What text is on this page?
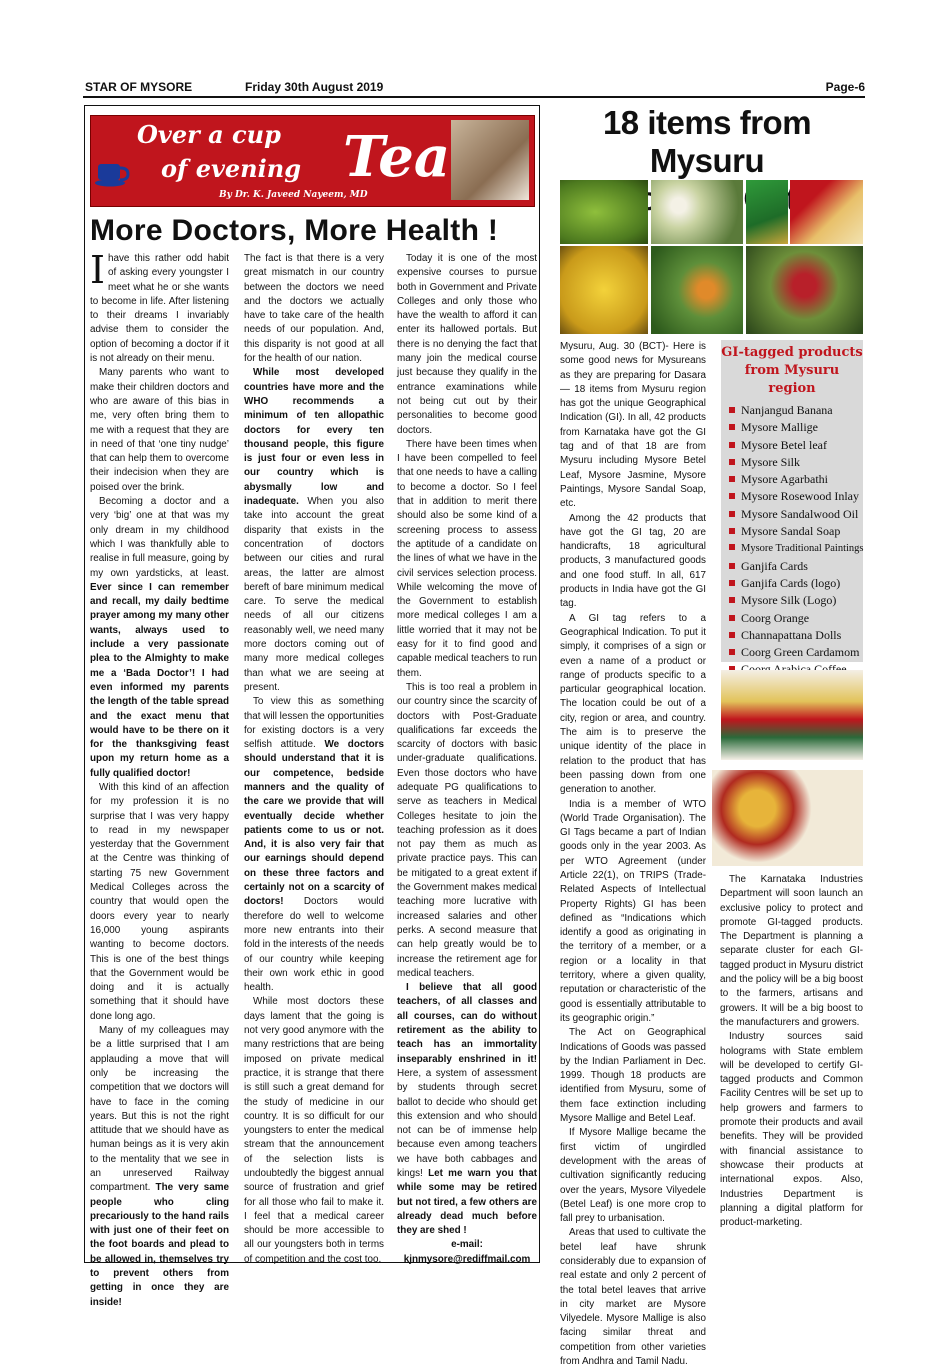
STAR OF MYSORE	Friday 30th August 2019	Page-6
Over a cup
of evening Tea
By Dr. K. Javeed Nayeem, MD
More Doctors, More Health !

Ihave this rather odd habit of asking every youngster I meet what he or she wants to become in life. After listening to their dreams I invariably advise them to consider the option of becoming a doctor if it is not already on their menu.

Many parents who want to make their children doctors and who are aware of this bias in me, very often bring them to me with a request that they are in need of that ‘one tiny nudge’ that can help them to overcome their indecision when they are poised over the brink.

Becoming a doctor and a very ‘big’ one at that was my only dream in my childhood which I was thankfully able to realise in full measure, going by my own yardsticks, at least. Ever since I can remember and recall, my daily bedtime prayer among my many other wants, always used to include a very passionate plea to the Almighty to make me a ‘Bada Doctor’! I had even informed my parents the length of the table spread and the exact menu that would have to be there on it for the thanksgiving feast upon my return home as a fully qualified doctor!

With this kind of an affection for my profession it is no surprise that I was very happy to read in my newspaper yesterday that the Government at the Centre was thinking of starting 75 new Government Medical Colleges across the country that would open the doors every year to nearly 16,000 young aspirants wanting to become doctors. This is one of the best things that the Government would be doing and it is actually something that it should have done long ago.

Many of my colleagues may be a little surprised that I am applauding a move that will only be increasing the competition that we doctors will have to face in the coming years. But this is not the right attitude that we should have as human beings as it is very akin to the mentality that we see in an unreserved Railway compartment. The very same people who cling precariously to the hand rails with just one of their feet on the foot boards and plead to be allowed in, themselves try to prevent others from getting in once they are inside!

The fact is that there is a very great mismatch in our country between the doctors we need and the doctors we actually have to take care of the health needs of our population. And, this disparity is not good at all for the health of our nation.

While most developed countries have more and the WHO recommends a minimum of ten allopathic doctors for every ten thousand people, this figure is just four or even less in our country which is abysmally low and inadequate. When you also take into account the great disparity that exists in the concentration of doctors between our cities and rural areas, the latter are almost bereft of bare minimum medical care. To serve the medical needs of all our citizens reasonably well, we need many more doctors coming out of many more medical colleges than what we are seeing at present.

To view this as something that will lessen the opportunities for existing doctors is a very selfish attitude. We doctors should understand that it is our competence, bedside manners and the quality of the care we provide that will eventually decide whether patients come to us or not. And, it is also very fair that our earnings should depend on these three factors and certainly not on a scarcity of doctors! Doctors would therefore do well to welcome more new entrants into their fold in the interests of the needs of our country while keeping their own work ethic in good health.

While most doctors these days lament that the going is not very good anymore with the many restrictions that are being imposed on private medical practice, it is strange that there is still such a great demand for the study of medicine in our country. It is so difficult for our youngsters to enter the medical stream that the announcement of the selection lists is undoubtedly the biggest annual source of frustration and grief for all those who fail to make it. I feel that a medical career should be more accessible to all our youngsters both in terms of competition and the cost too.

Today it is one of the most expensive courses to pursue both in Government and Private Colleges and only those who have the wealth to afford it can enter its hallowed portals. But there is no denying the fact that many join the medical course just because they qualify in the entrance examinations while not being cut out by their personalities to become good doctors.

There have been times when I have been compelled to feel that one needs to have a calling to become a doctor. So I feel that in addition to merit there should also be some kind of a screening process to assess the aptitude of a candidate on the lines of what we have in the civil services selection process. While welcoming the move of the Government to establish more medical colleges I am a little worried that it may not be easy for it to find good and capable medical teachers to run them.

This is too real a problem in our country since the scarcity of doctors with Post-Graduate qualifications far exceeds the scarcity of doctors with basic under-graduate qualifications. Even those doctors who have adequate PG qualifications to serve as teachers in Medical Colleges hesitate to join the teaching profession as it does not pay them as much as private practice pays. This can be mitigated to a great extent if the Government makes medical teaching more lucrative with increased salaries and other perks. A second measure that can help greatly would be to increase the retirement age for medical teachers.

I believe that all good teachers, of all classes and all courses, can do without retirement as the ability to teach has an immortality inseparably enshrined in it! Here, a system of assessment by students through secret ballot to decide who should get this extension and who should not can be of immense help because even among teachers we have both cabbages and kings! Let me warn you that while some may be retired but not tired, a few others are already dead much before they are shed !

e-mail:

kjnmysore@rediffmail.com

18 items from Mysuru

Mysuru, Aug. 30 (BCT)- Here is some good news for Mysureans as they are preparing for Dasara — 18 items from Mysuru region has got the unique Geographical Indication (GI). In all, 42 products from Karnataka have got the GI tag and of that 18 are from Mysuru including Mysore Betel Leaf, Mysore Jasmine, Mysore Paintings, Mysore Sandal Soap, etc.

Among the 42 products that have got the GI tag, 20 are handicrafts, 18 agricultural products, 3 manufactured goods and one food stuff. In all, 617 products in India have got the GI tag.

A GI tag refers to a Geographical Indication. To put it simply, it comprises of a sign or even a name of a product or range of products specific to a particular geographical location. The location could be out of a city, region or area, and country. The aim is to preserve the unique identity of the place in relation to the product that has been passing down from one generation to another.

India is a member of WTO (World Trade Organisation). The GI Tags became a part of Indian goods only in the year 2003. As per WTO Agreement (under Article 22(1), on TRIPS (Trade-Related Aspects of Intellectual Property Rights) GI has been defined as “Indications which identify a good as originating in the territory of a member, or a region or a locality in that territory, where a given quality, reputation or characteristic of the good is essentially attributable to its geographic origin.”

The Act on Geographical Indications of Goods was passed by the Indian Parliament in Dec. 1999. Though 18 products are identified from Mysuru, some of them face extinction including Mysore Mallige and Betel Leaf.

If Mysore Mallige became the first victim of ungirdled development with the areas of cultivation significantly reducing over the years, Mysore Vilyedele (Betel Leaf) is one more crop to fall prey to urbanisation.

Areas that used to cultivate the betel leaf have shrunk considerably due to expansion of real estate and only 2 percent of the total betel leaves that arrive in city market are Mysore Vilyedele. Mysore Mallige is also facing similar threat and competition from other varieties from Andhra and Tamil Nadu.

GI-tagged products
from Mysuru region
Nanjangud Banana
Mysore Mallige
Mysore Betel leaf
Mysore Silk
Mysore Agarbathi
Mysore Rosewood Inlay
Mysore Sandalwood Oil
Mysore Sandal Soap
Mysore Traditional Paintings
Ganjifa Cards
Ganjifa Cards (logo)
Mysore Silk (Logo)
Coorg Orange
Channapattana Dolls
Coorg Green Cardamom

The Karnataka Industries Department will soon launch an exclusive policy to protect and promote GI-tagged products. The Department is planning a separate cluster for each GI-tagged product in Mysuru district and the policy will be a big boost to the farmers, artisans and growers. It will be a big boost to the manufacturers and growers.

Industry sources said holograms with State emblem will be developed to certify GI-tagged products and Common Facility Centres will be set up to help growers and farmers to promote their products and avail benefits. They will be provided with financial assistance to showcase their products at international expos. Also, Industries Department is planning a digital platform for product-marketing.
